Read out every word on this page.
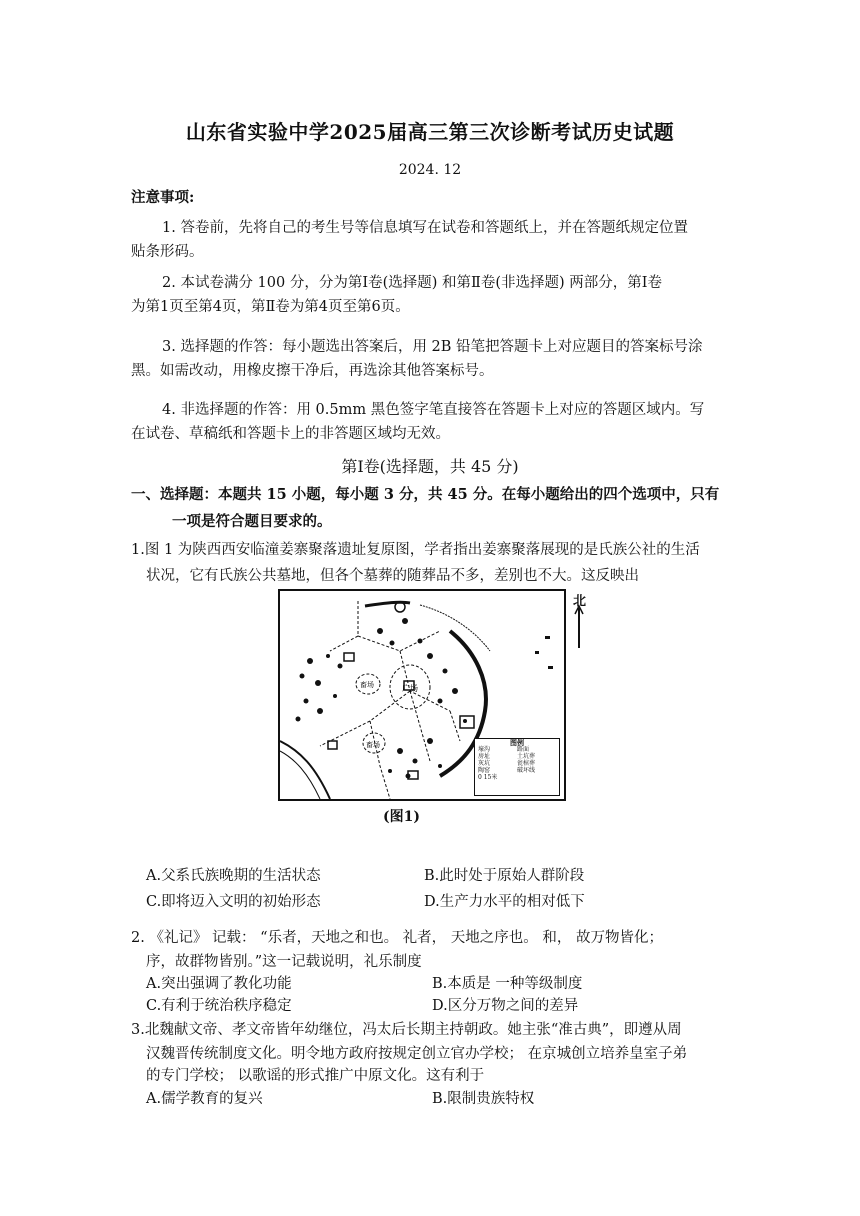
山东省实验中学2025届高三第三次诊断考试历史试题
2024. 12
注意事项:
1. 答卷前，先将自己的考生号等信息填写在试卷和答题纸上，并在答题纸规定位置
贴条形码。
2. 本试卷满分 100 分，分为第Ⅰ卷(选择题) 和第Ⅱ卷(非选择题) 两部分，第Ⅰ卷
为第1页至第4页，第Ⅱ卷为第4页至第6页。
3. 选择题的作答：每小题选出答案后，用 2B 铅笔把答题卡上对应题目的答案标号涂
黑。如需改动，用橡皮擦干净后，再选涂其他答案标号。
4. 非选择题的作答：用 0.5mm 黑色签字笔直接答在答题卡上对应的答题区域内。写
在试卷、草稿纸和答题卡上的非答题区域均无效。
第Ⅰ卷(选择题，共 45 分)
一、选择题：本题共 15 小题，每小题 3 分，共 45 分。在每小题给出的四个选项中，只有
一项是符合题目要求的。
1.图 1 为陕西西安临潼姜寨聚落遗址复原图，学者指出姜寨聚落展现的是氏族公社的生活
状况，它有氏族公共墓地，但各个墓葬的随葬品不多，差别也不大。这反映出
畜场	广场
畜场	图例
壕沟
房址
灰坑
陶窑
路面
土坑葬
瓮棺葬
破坏线
0 15米
北
(图1)
A.父系氏族晚期的生活状态	B.此时处于原始人群阶段
C.即将迈入文明的初始形态	D.生产力水平的相对低下
2. 《礼记》 记载： “乐者，天地之和也。 礼者， 天地之序也。 和， 故万物皆化；
序，故群物皆别。”这一记载说明，礼乐制度
A.突出强调了教化功能	B.本质是 一种等级制度
C.有利于统治秩序稳定	D.区分万物之间的差异
3.北魏献文帝、孝文帝皆年幼继位，冯太后长期主持朝政。她主张“准古典”，即遵从周
汉魏晋传统制度文化。明令地方政府按规定创立官办学校； 在京城创立培养皇室子弟
的专门学校； 以歌谣的形式推广中原文化。这有利于
A.儒学教育的复兴	B.限制贵族特权
